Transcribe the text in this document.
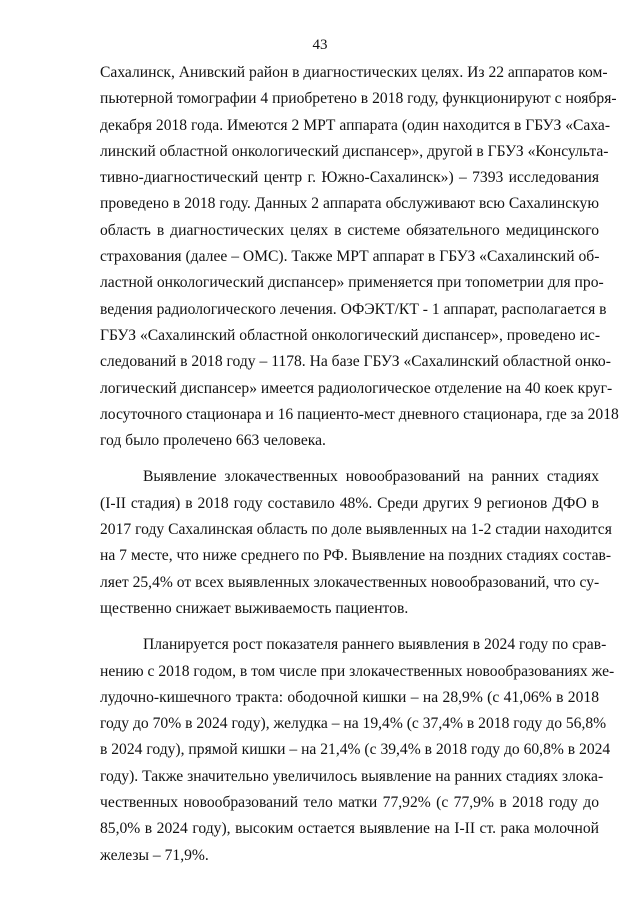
43
Сахалинск, Анивский район в диагностических целях. Из 22 аппаратов ком-
пьютерной томографии 4 приобретено в 2018 году, функционируют с ноября-
декабря 2018 года. Имеются 2 МРТ аппарата (один находится в ГБУЗ «Саха-
линский областной онкологический диспансер», другой в ГБУЗ «Консульта-
тивно-диагностический центр г. Южно-Сахалинск») – 7393 исследования
проведено в 2018 году. Данных 2 аппарата обслуживают всю Сахалинскую
область в диагностических целях в системе обязательного медицинского
страхования (далее – ОМС). Также МРТ аппарат в ГБУЗ «Сахалинский об-
ластной онкологический диспансер» применяется при топометрии для про-
ведения радиологического лечения. ОФЭКТ/КТ - 1 аппарат, располагается в
ГБУЗ «Сахалинский областной онкологический диспансер», проведено ис-
следований в 2018 году – 1178. На базе ГБУЗ «Сахалинский областной онко-
логический диспансер» имеется радиологическое отделение на 40 коек круг-
лосуточного стационара и 16 пациенто-мест дневного стационара, где за 2018
год было пролечено 663 человека.
Выявление злокачественных новообразований на ранних стадиях
(I-II стадия) в 2018 году составило 48%. Среди других 9 регионов ДФО в
2017 году Сахалинская область по доле выявленных на 1-2 стадии находится
на 7 месте, что ниже среднего по РФ. Выявление на поздних стадиях состав-
ляет 25,4% от всех выявленных злокачественных новообразований, что су-
щественно снижает выживаемость пациентов.
Планируется рост показателя раннего выявления в 2024 году по срав-
нению с 2018 годом, в том числе при злокачественных новообразованиях же-
лудочно-кишечного тракта: ободочной кишки – на 28,9% (с 41,06% в 2018
году до 70% в 2024 году), желудка – на 19,4% (с 37,4% в 2018 году до 56,8%
в 2024 году), прямой кишки – на 21,4% (с 39,4% в 2018 году до 60,8% в 2024
году). Также значительно увеличилось выявление на ранних стадиях злока-
чественных новообразований тело матки 77,92% (с 77,9% в 2018 году до
85,0% в 2024 году), высоким остается выявление на I-II ст. рака молочной
железы – 71,9%.
